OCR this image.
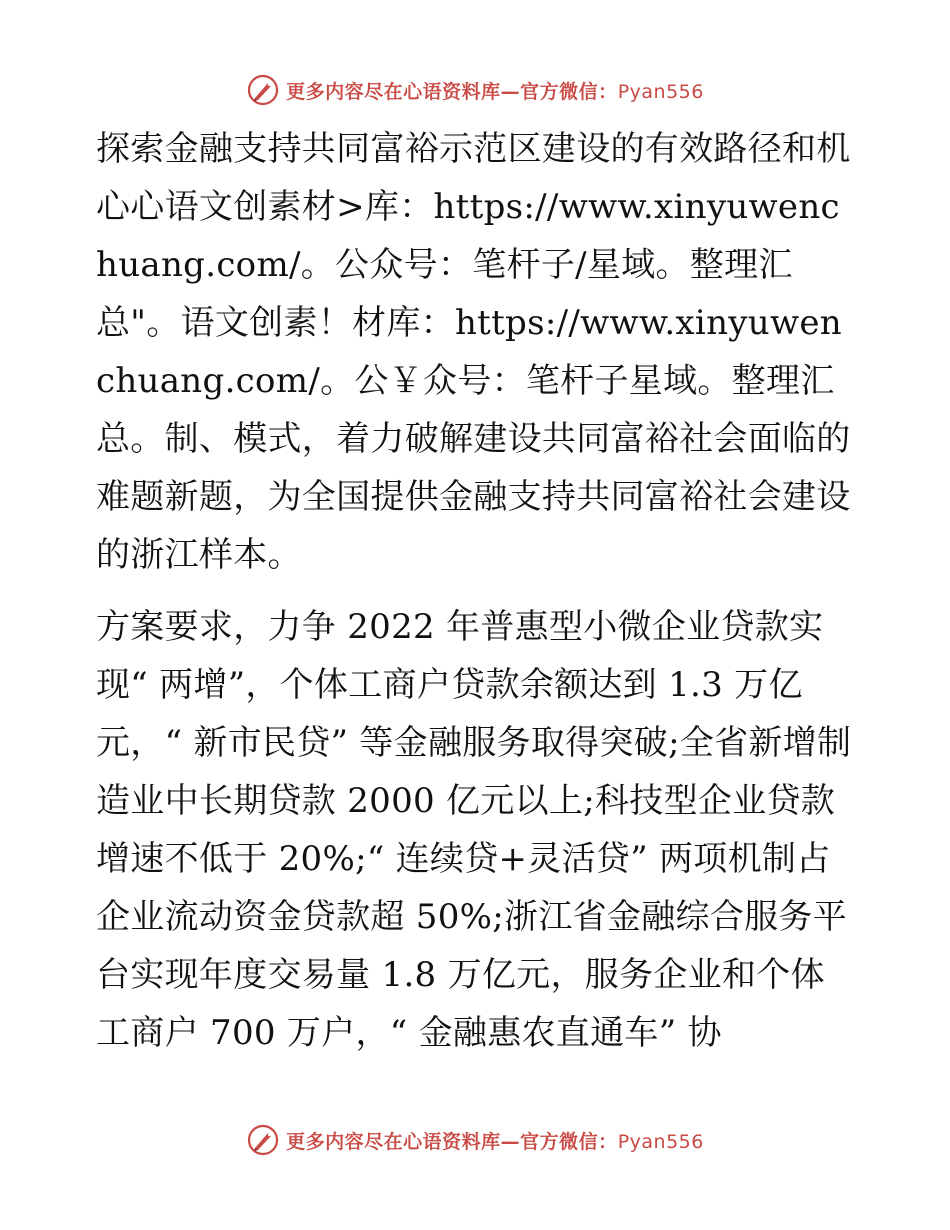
更多内容尽在心语资料库—官方微信：Pyan556

探索金融支持共同富裕示范区建设的有效路径和机心心语文创素材>库：https://www.xinyuwenchuang.com/。公众号：笔杆子/星域。整理汇总"。语文创素！材库：https://www.xinyuwenchuang.com/。公￥众号：笔杆子星域。整理汇总。制、模式，着力破解建设共同富裕社会面临的难题新题，为全国提供金融支持共同富裕社会建设的浙江样本。

方案要求，力争 2022 年普惠型小微企业贷款实现“ 两增”，个体工商户贷款余额达到 1.3 万亿元，“ 新市民贷” 等金融服务取得突破;全省新增制造业中长期贷款 2000 亿元以上;科技型企业贷款增速不低于 20%;“ 连续贷+灵活贷” 两项机制占企业流动资金贷款超 50%;浙江省金融综合服务平台实现年度交易量 1.8 万亿元，服务企业和个体工商户 700 万户，“ 金融惠农直通车” 协

更多内容尽在心语资料库—官方微信：Pyan556
